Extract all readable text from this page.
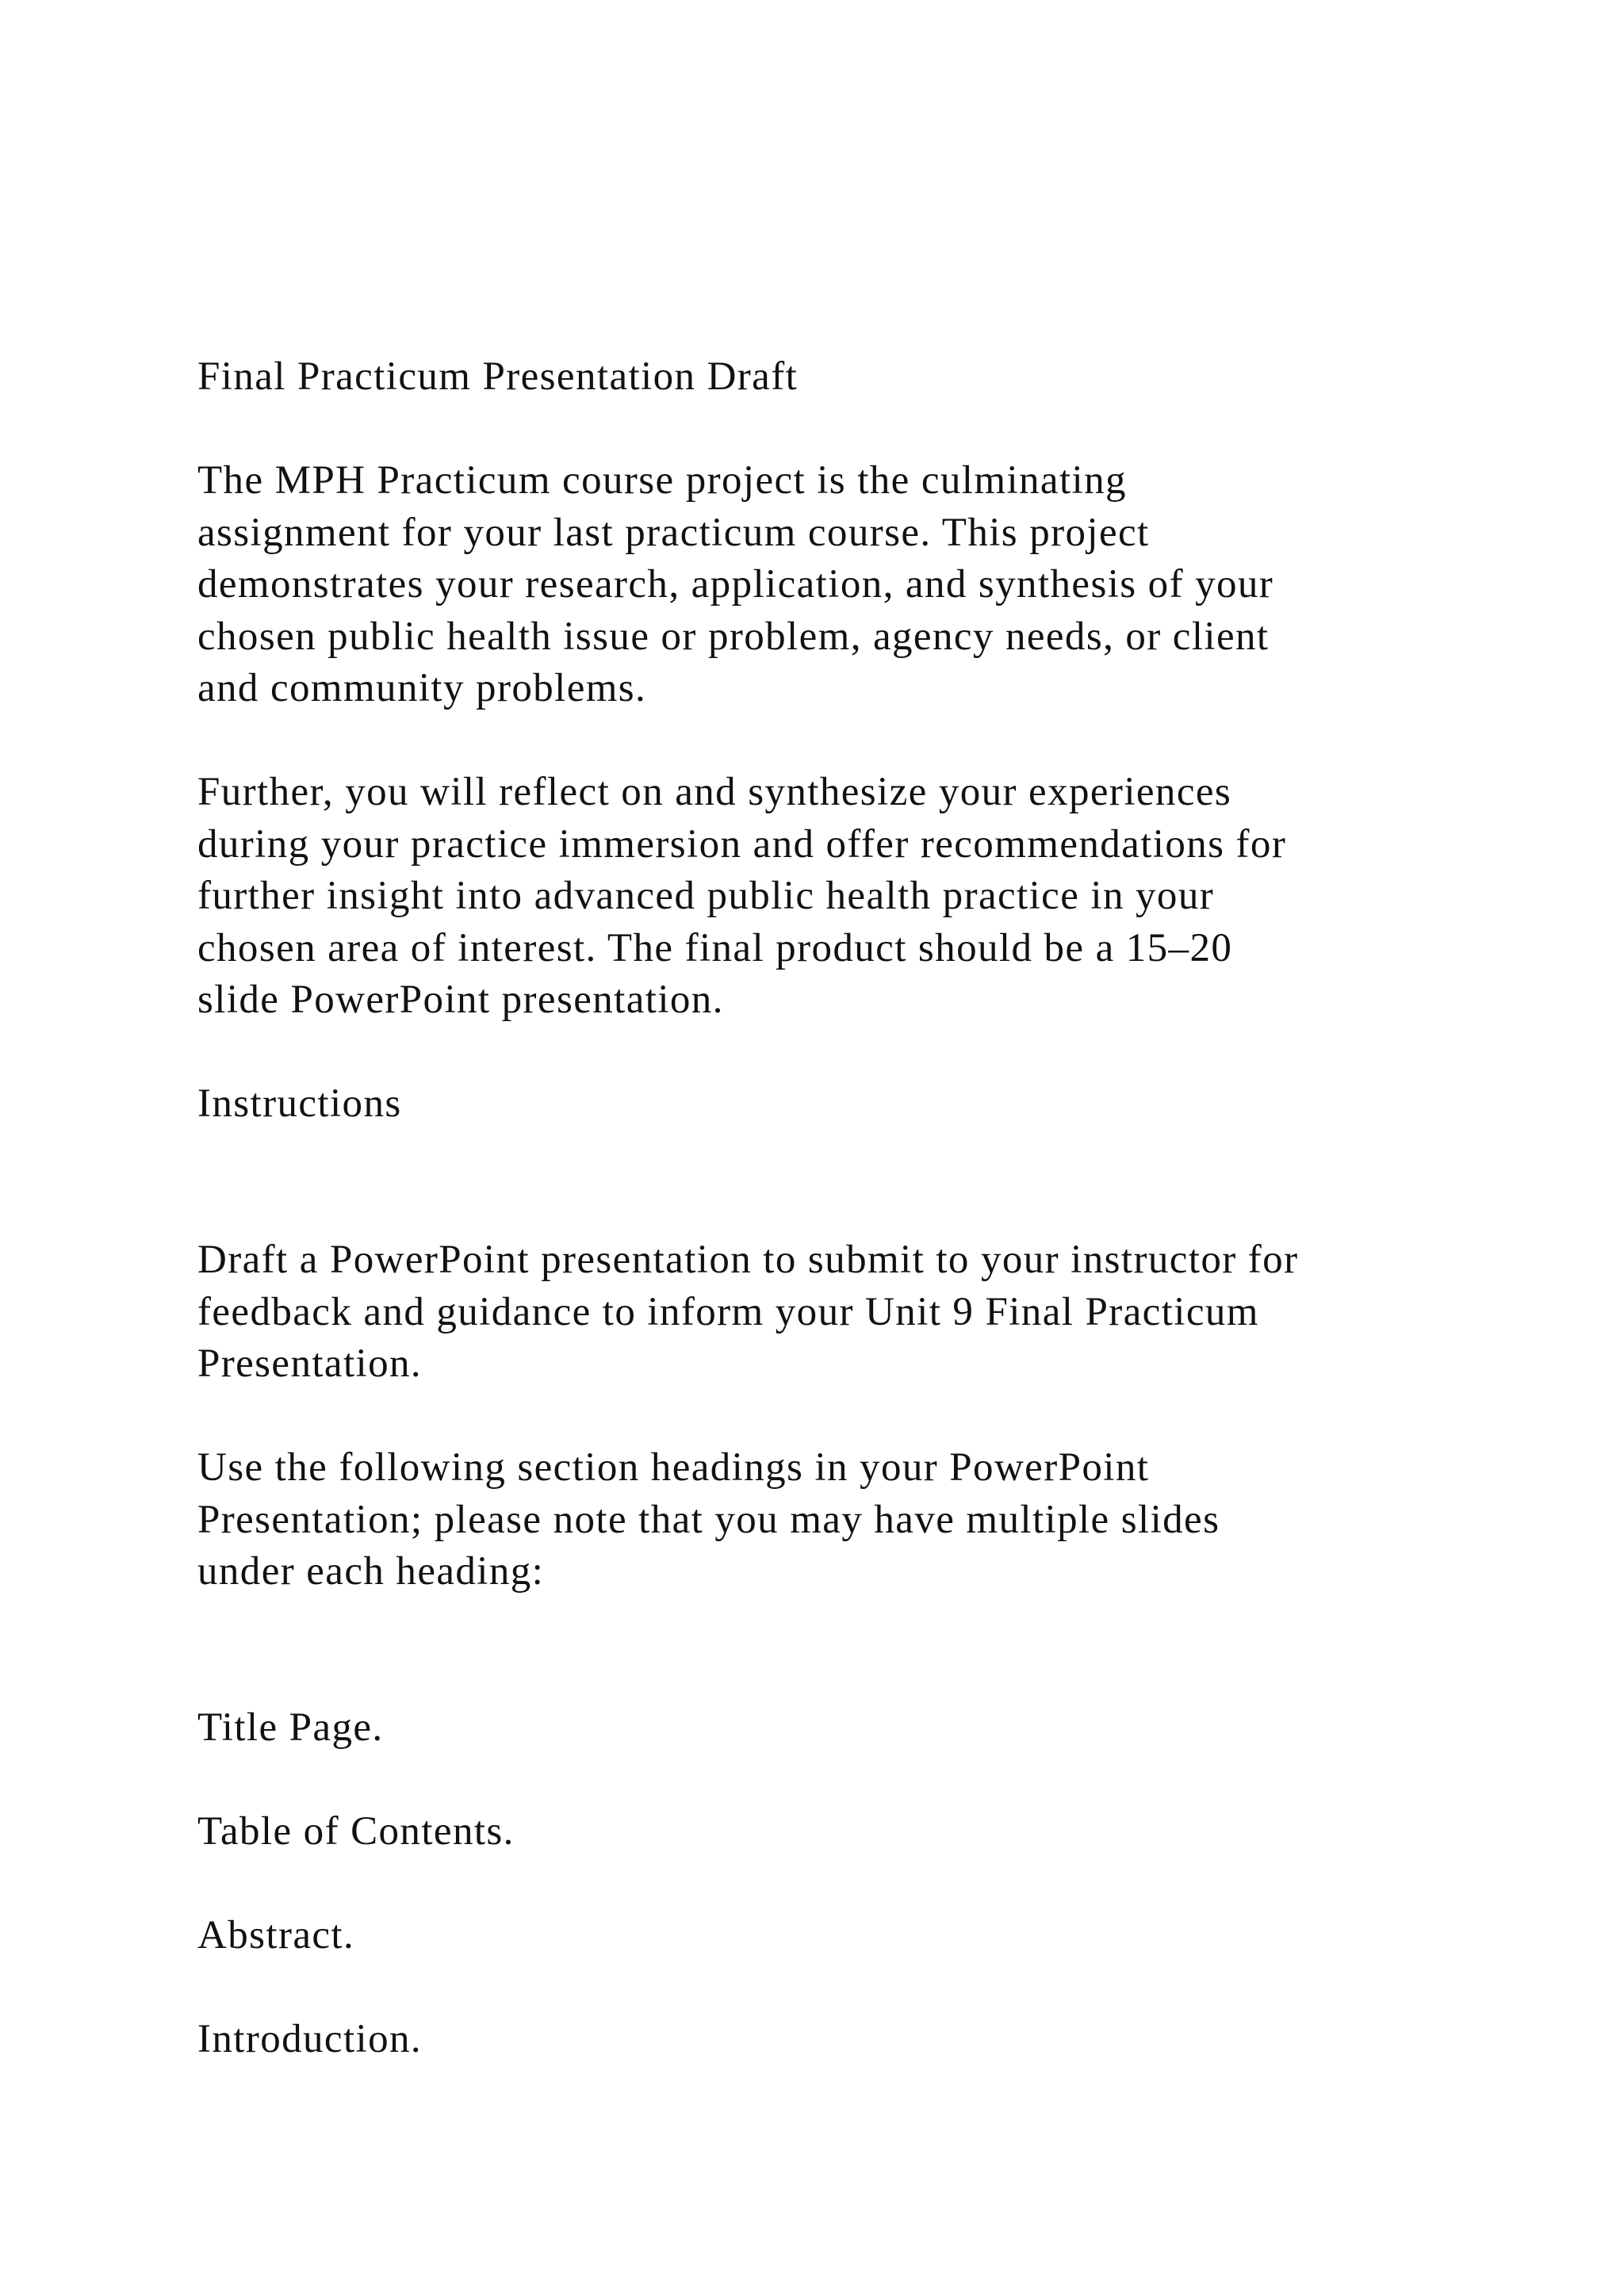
Final Practicum Presentation Draft

The MPH Practicum course project is the culminating
assignment for your last practicum course. This project
demonstrates your research, application, and synthesis of your
chosen public health issue or problem, agency needs, or client
and community problems.

Further, you will reflect on and synthesize your experiences
during your practice immersion and offer recommendations for
further insight into advanced public health practice in your
chosen area of interest. The final product should be a 15–20
slide PowerPoint presentation.

Instructions

Draft a PowerPoint presentation to submit to your instructor for
feedback and guidance to inform your Unit 9 Final Practicum
Presentation.

Use the following section headings in your PowerPoint
Presentation; please note that you may have multiple slides
under each heading:

Title Page.

Table of Contents.

Abstract.

Introduction.
